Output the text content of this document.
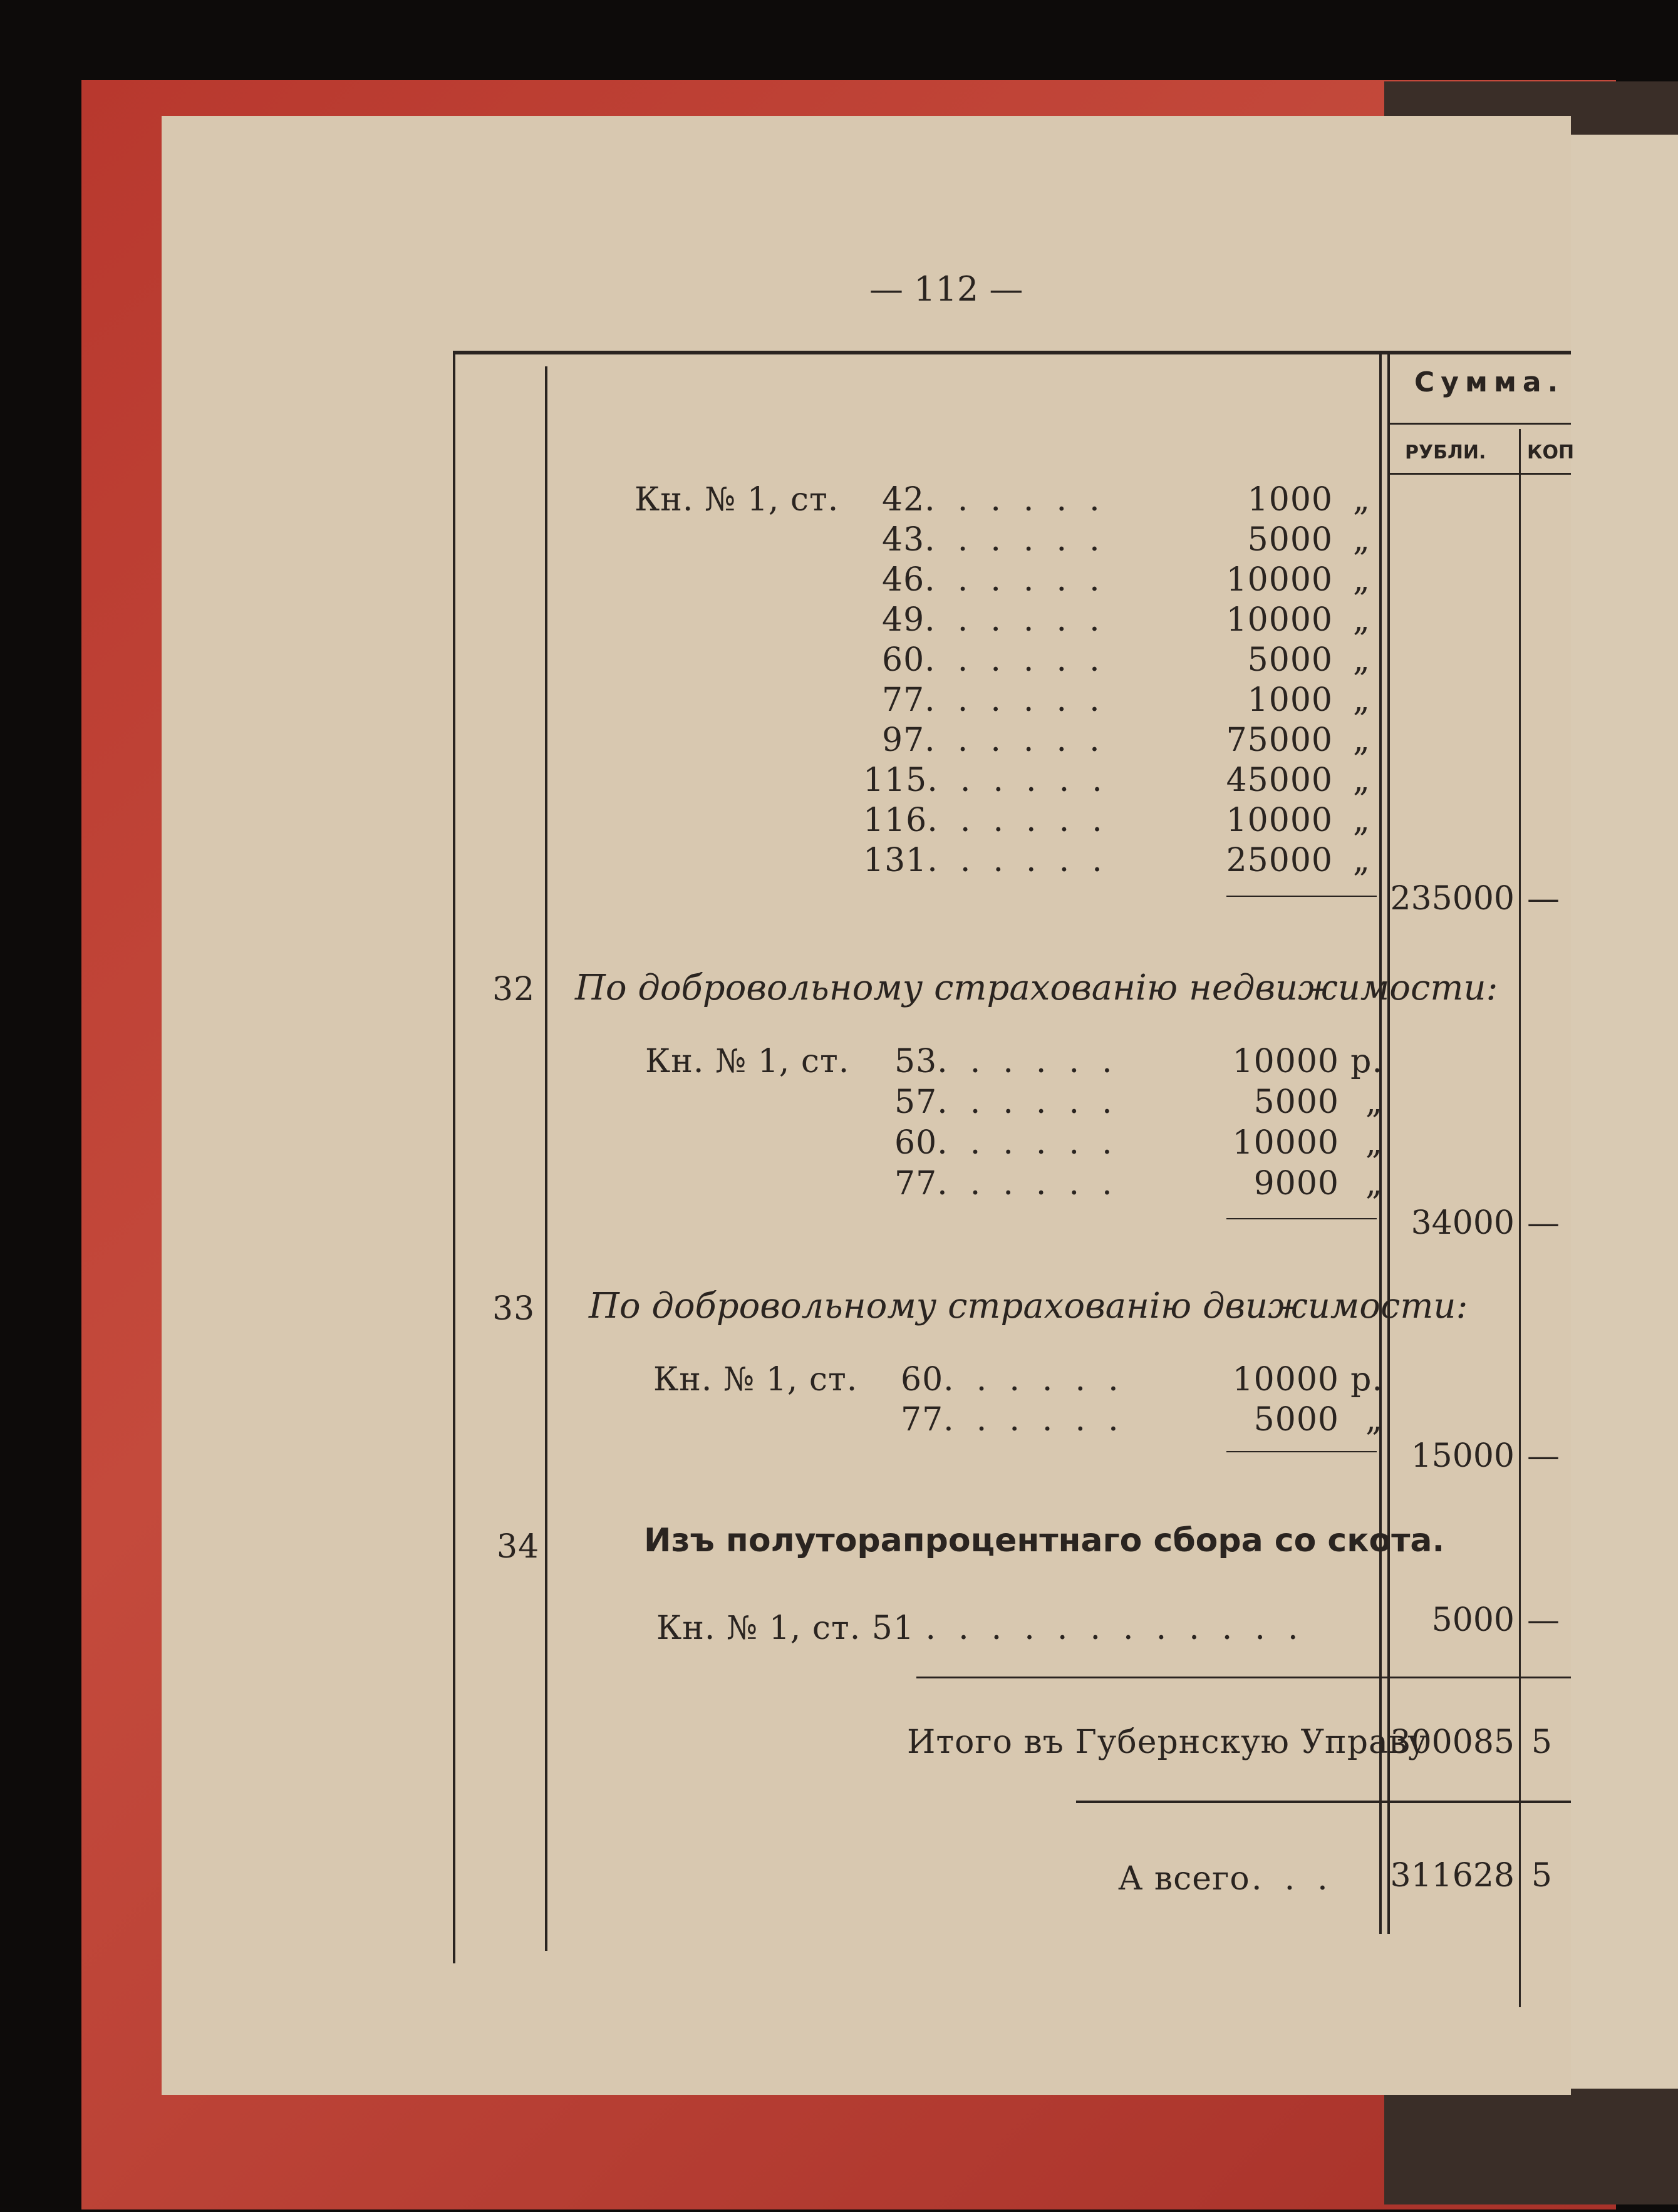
— 112 —
Сумма.
РУБЛИ. КОП
Кн. № 1, ст. 42.  .  .  .  .  .	1000 „
43.  .  .  .  .  .	5000 „
46.  .  .  .  .  .	10000 „
49.  .  .  .  .  .	10000 „
60.  .  .  .  .  .	5000 „
77.  .  .  .  .  .	1000 „
97.  .  .  .  .  .	75000 „
115.  .  .  .  .  .	45000 „
116.  .  .  .  .  .	10000 „
131.  .  .  .  .  .	25000 „
235000 —
32 По добровольному страхованію недвижимости:
Кн. № 1, ст. 53.  .  .  .  .  .	10000 р.
57.  .  .  .  .  .	5000 „
60.  .  .  .  .  .	10000 „
77.  .  .  .  .  .	9000 „
34000 —
33 По добровольному страхованію движимости:
Кн. № 1, ст. 60.  .  .  .  .  .	10000 р.
77.  .  .  .  .  .	5000 „
15000 —
34	Изъ полуторапроцентнаго сбора со скота.
Кн. № 1, ст. 51 .  .  .  .  .  .  .  .  .  .  .  .	5000 —
Итого въ Губернскую Управу
300085 5
А всего .  .  . 311628 5
